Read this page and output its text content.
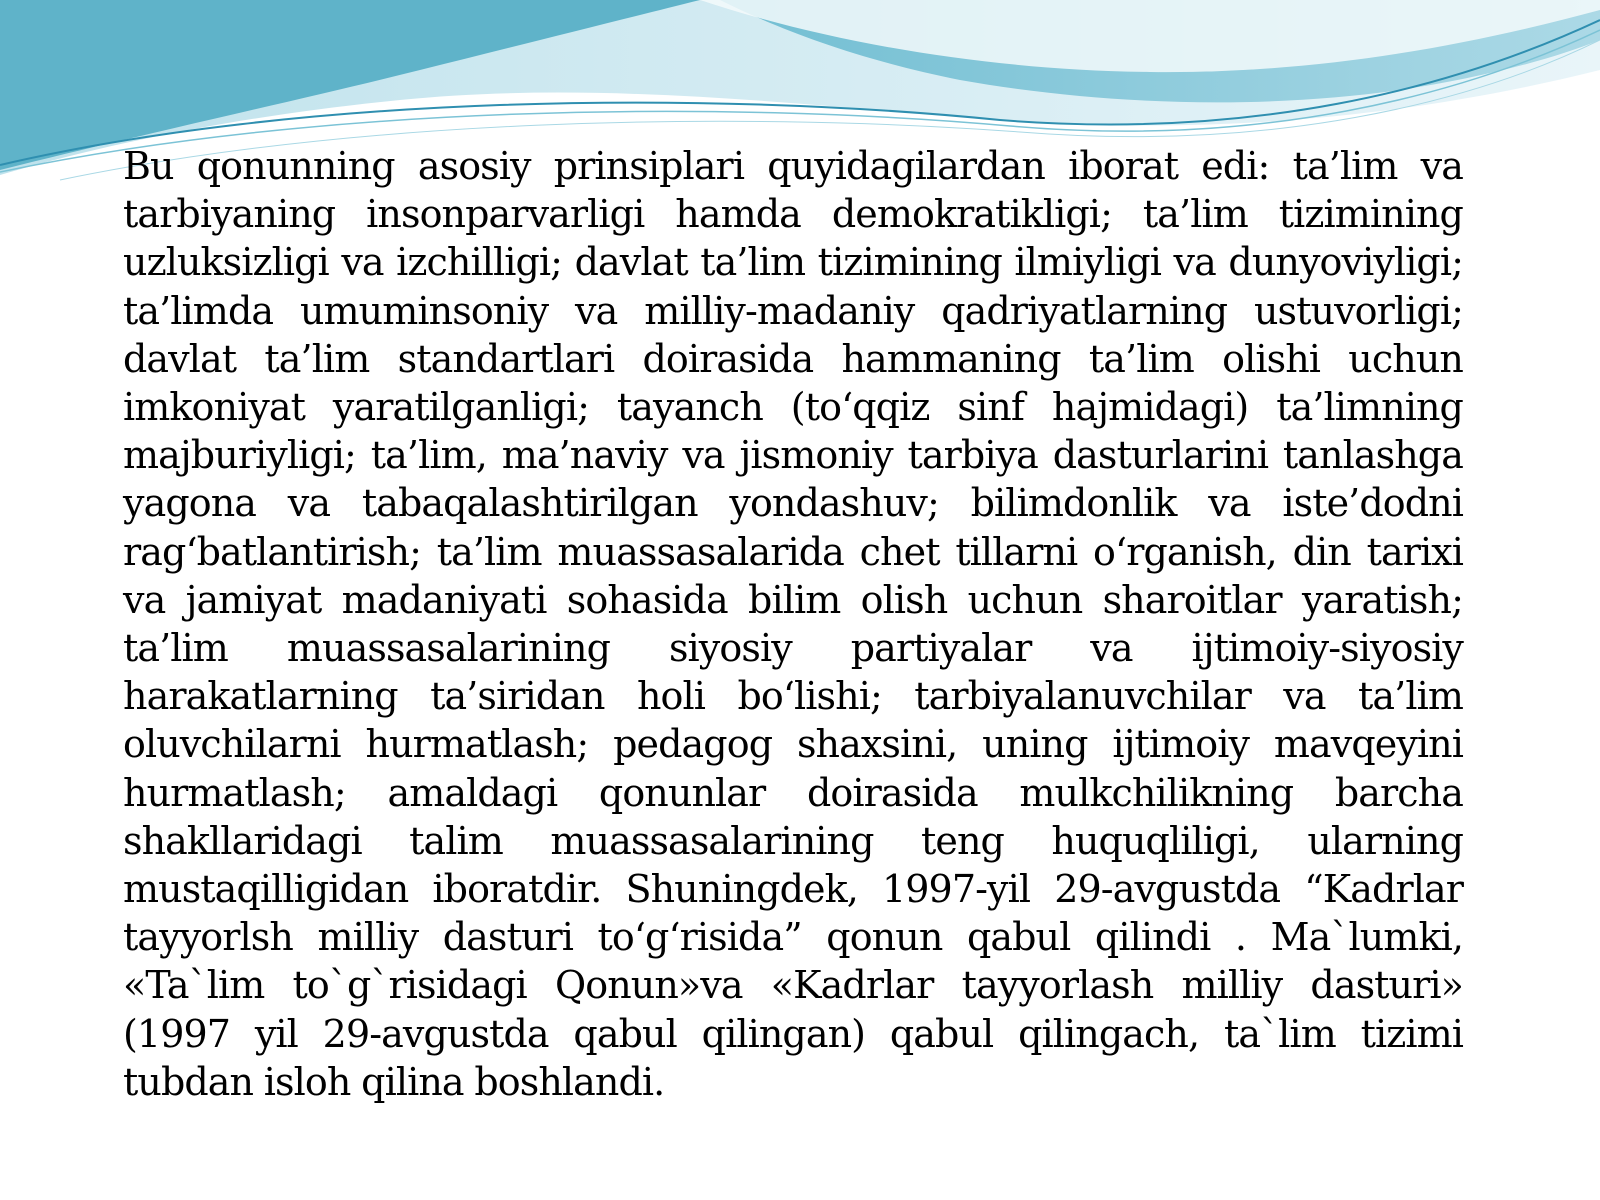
Bu qonunning asosiy prinsiplari quyidagilardan iborat edi: ta’lim va tarbiyaning insonparvarligi hamda demokratikligi; ta’lim tizimining uzluksizligi va izchilligi; davlat ta’lim tizimining ilmiyligi va dunyoviyligi; ta’limda umuminsoniy va milliy-madaniy qadriyatlarning ustuvorligi; davlat ta’lim standartlari doirasida hammaning ta’lim olishi uchun imkoniyat yaratilganligi; tayanch (to‘qqiz sinf hajmidagi) ta’limning majburiyligi; ta’lim, ma’naviy va jismoniy tarbiya dasturlarini tanlashga yagona va tabaqalashtirilgan yondashuv; bilimdonlik va iste’dodni rag‘batlantirish; ta’lim muassasalarida chet tillarni o‘rganish, din tarixi va jamiyat madaniyati sohasida bilim olish uchun sharoitlar yaratish; ta’lim muassasalarining siyosiy partiyalar va ijtimoiy-siyosiy harakatlarning ta’siridan holi bo‘lishi; tarbiyalanuvchilar va ta’lim oluvchilarni hurmatlash; pedagog shaxsini, uning ijtimoiy mavqeyini hurmatlash; amaldagi qonunlar doirasida mulkchilikning barcha shakllaridagi talim muassasalarining teng huquqliligi, ularning mustaqilligidan iboratdir. Shuningdek, 1997-yil 29-avgustda “Kadrlar tayyorlsh milliy dasturi to‘g‘risida” qonun qabul qilindi . Ma`lumki, «Ta`lim to`g`risidagi Qonun»va «Kadrlar tayyorlash milliy dasturi» (1997 yil 29-avgustda qabul qilingan) qabul qilingach, ta`lim tizimi tubdan isloh qilina boshlandi.
